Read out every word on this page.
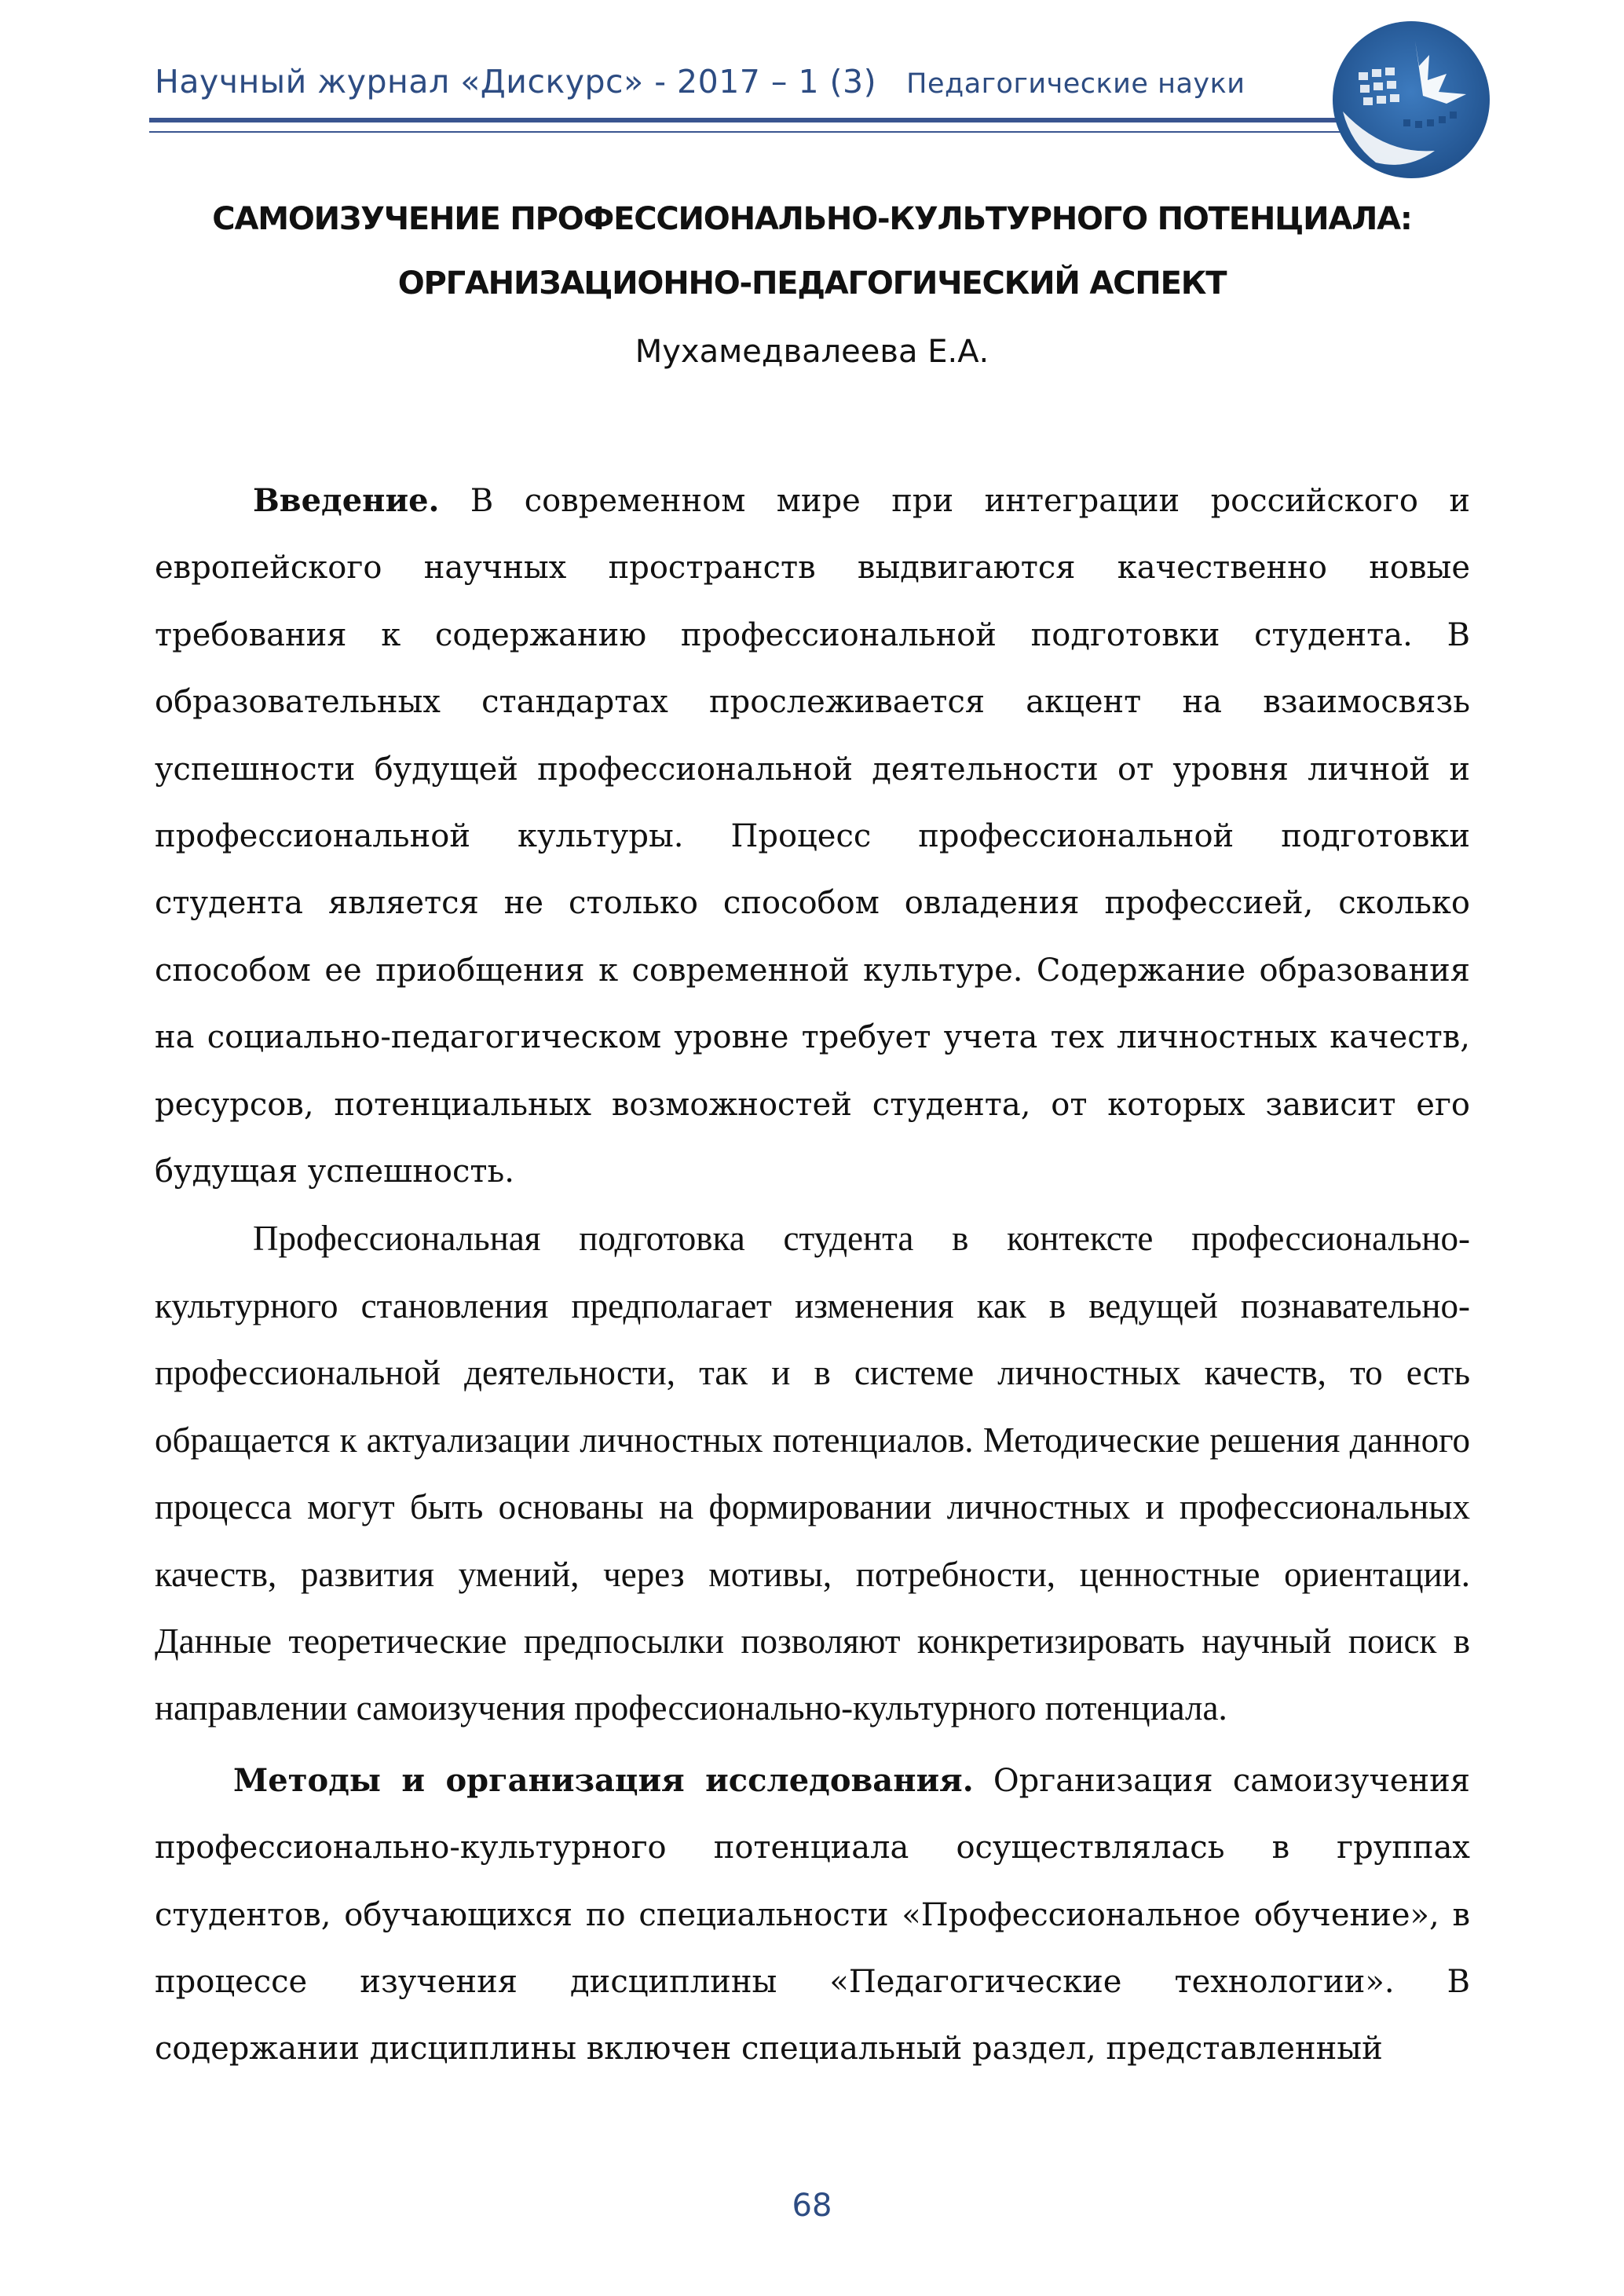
Научный журнал «Дискурс» - 2017 – 1 (3) Педагогические науки
САМОИЗУЧЕНИЕ ПРОФЕССИОНАЛЬНО-КУЛЬТУРНОГО ПОТЕНЦИАЛА:
ОРГАНИЗАЦИОННО-ПЕДАГОГИЧЕСКИЙ АСПЕКТ
Мухамедвалеева Е.А.

Введение. В современном мире при интеграции российского и европейского научных пространств выдвигаются качественно новые требования к содержанию профессиональной подготовки студента. В образовательных стандартах прослеживается акцент на взаимосвязь успешности будущей профессиональной деятельности от уровня личной и профессиональной культуры. Процесс профессиональной подготовки студента является не столько способом овладения профессией, сколько способом ее приобщения к современной культуре. Содержание образования на социально-педагогическом уровне требует учета тех личностных качеств, ресурсов, потенциальных возможностей студента, от которых зависит его будущая успешность.

Профессиональная подготовка студента в контексте профессионально-культурного становления предполагает изменения как в ведущей познавательно-профессиональной деятельности, так и в системе личностных качеств, то есть обращается к актуализации личностных потенциалов. Методические решения данного процесса могут быть основаны на формировании личностных и профессиональных качеств, развития умений, через мотивы, потребности, ценностные ориентации. Данные теоретические предпосылки позволяют конкретизировать научный поиск в направлении самоизучения профессионально-культурного потенциала.

Методы и организация исследования. Организация самоизучения профессионально-культурного потенциала осуществлялась в группах студентов, обучающихся по специальности «Профессиональное обучение», в процессе изучения дисциплины «Педагогические технологии». В содержании дисциплины включен специальный раздел, представленный

68
